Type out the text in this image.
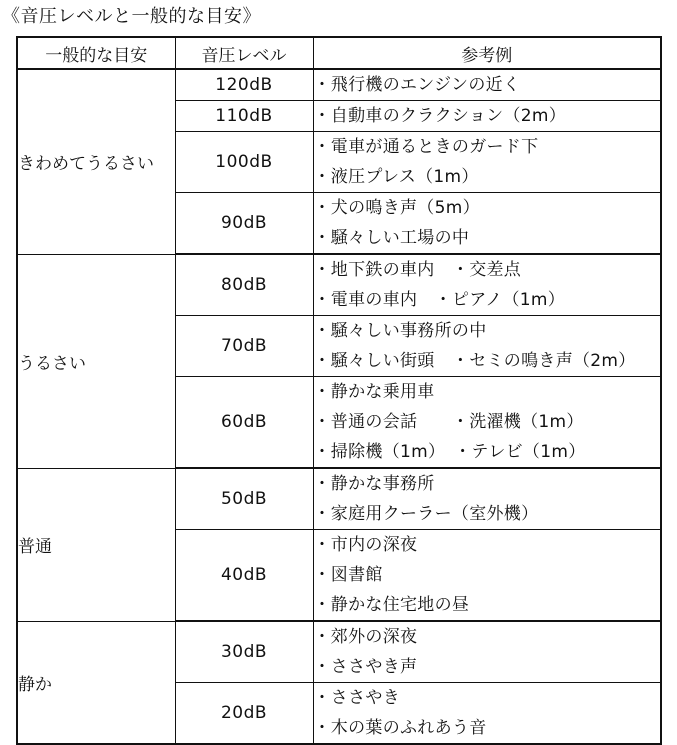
《音圧レベルと一般的な目安》
一般的な目安	音圧レベル	参考例
きわめてうるさい	120dB	・飛行機のエンジンの近く

	110dB	・自動車のクラクション（2m）

	100dB	・電車が通るときのガード下
・液圧プレス（1m）

	90dB	・犬の鳴き声（5m）
・騒々しい工場の中

うるさい	80dB	・地下鉄の車内　・交差点
・電車の車内　・ピアノ（1m）

	70dB	・騒々しい事務所の中
・騒々しい街頭　・セミの鳴き声（2m）

	60dB	・静かな乗用車
・普通の会話　　・洗濯機（1m）
・掃除機（1m）　・テレビ（1m）

普通	50dB	・静かな事務所
・家庭用クーラー（室外機）

	40dB	・市内の深夜
・図書館
・静かな住宅地の昼

静か	30dB	・郊外の深夜
・ささやき声

	20dB	・ささやき
・木の葉のふれあう音
